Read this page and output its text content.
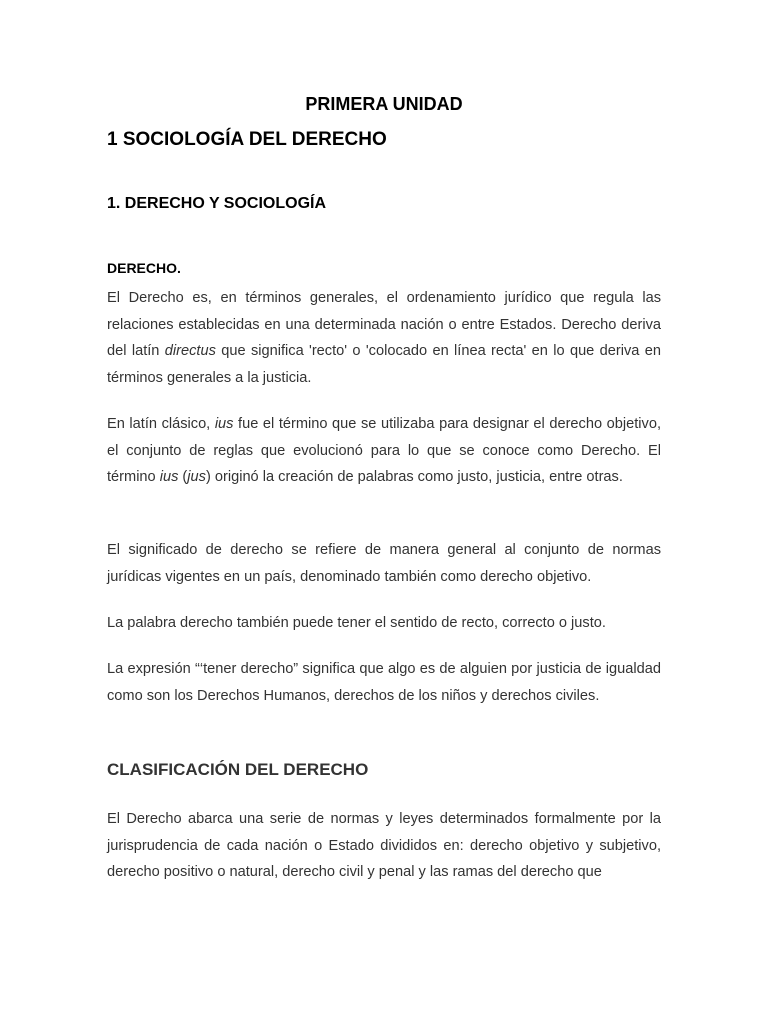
PRIMERA UNIDAD
1 SOCIOLOGÍA DEL DERECHO
1. DERECHO Y SOCIOLOGÍA
DERECHO.

El Derecho es, en términos generales, el ordenamiento jurídico que regula las relaciones establecidas en una determinada nación o entre Estados. Derecho deriva del latín directus que significa 'recto' o 'colocado en línea recta' en lo que deriva en términos generales a la justicia.

En latín clásico, ius fue el término que se utilizaba para designar el derecho objetivo, el conjunto de reglas que evolucionó para lo que se conoce como Derecho. El término ius (jus) originó la creación de palabras como justo, justicia, entre otras.

El significado de derecho se refiere de manera general al conjunto de normas jurídicas vigentes en un país, denominado también como derecho objetivo.

La palabra derecho también puede tener el sentido de recto, correcto o justo.

La expresión “‘tener derecho” significa que algo es de alguien por justicia de igualdad como son los Derechos Humanos, derechos de los niños y derechos civiles.

CLASIFICACIÓN DEL DERECHO

El Derecho abarca una serie de normas y leyes determinados formalmente por la jurisprudencia de cada nación o Estado divididos en: derecho objetivo y subjetivo, derecho positivo o natural, derecho civil y penal y las ramas del derecho que
